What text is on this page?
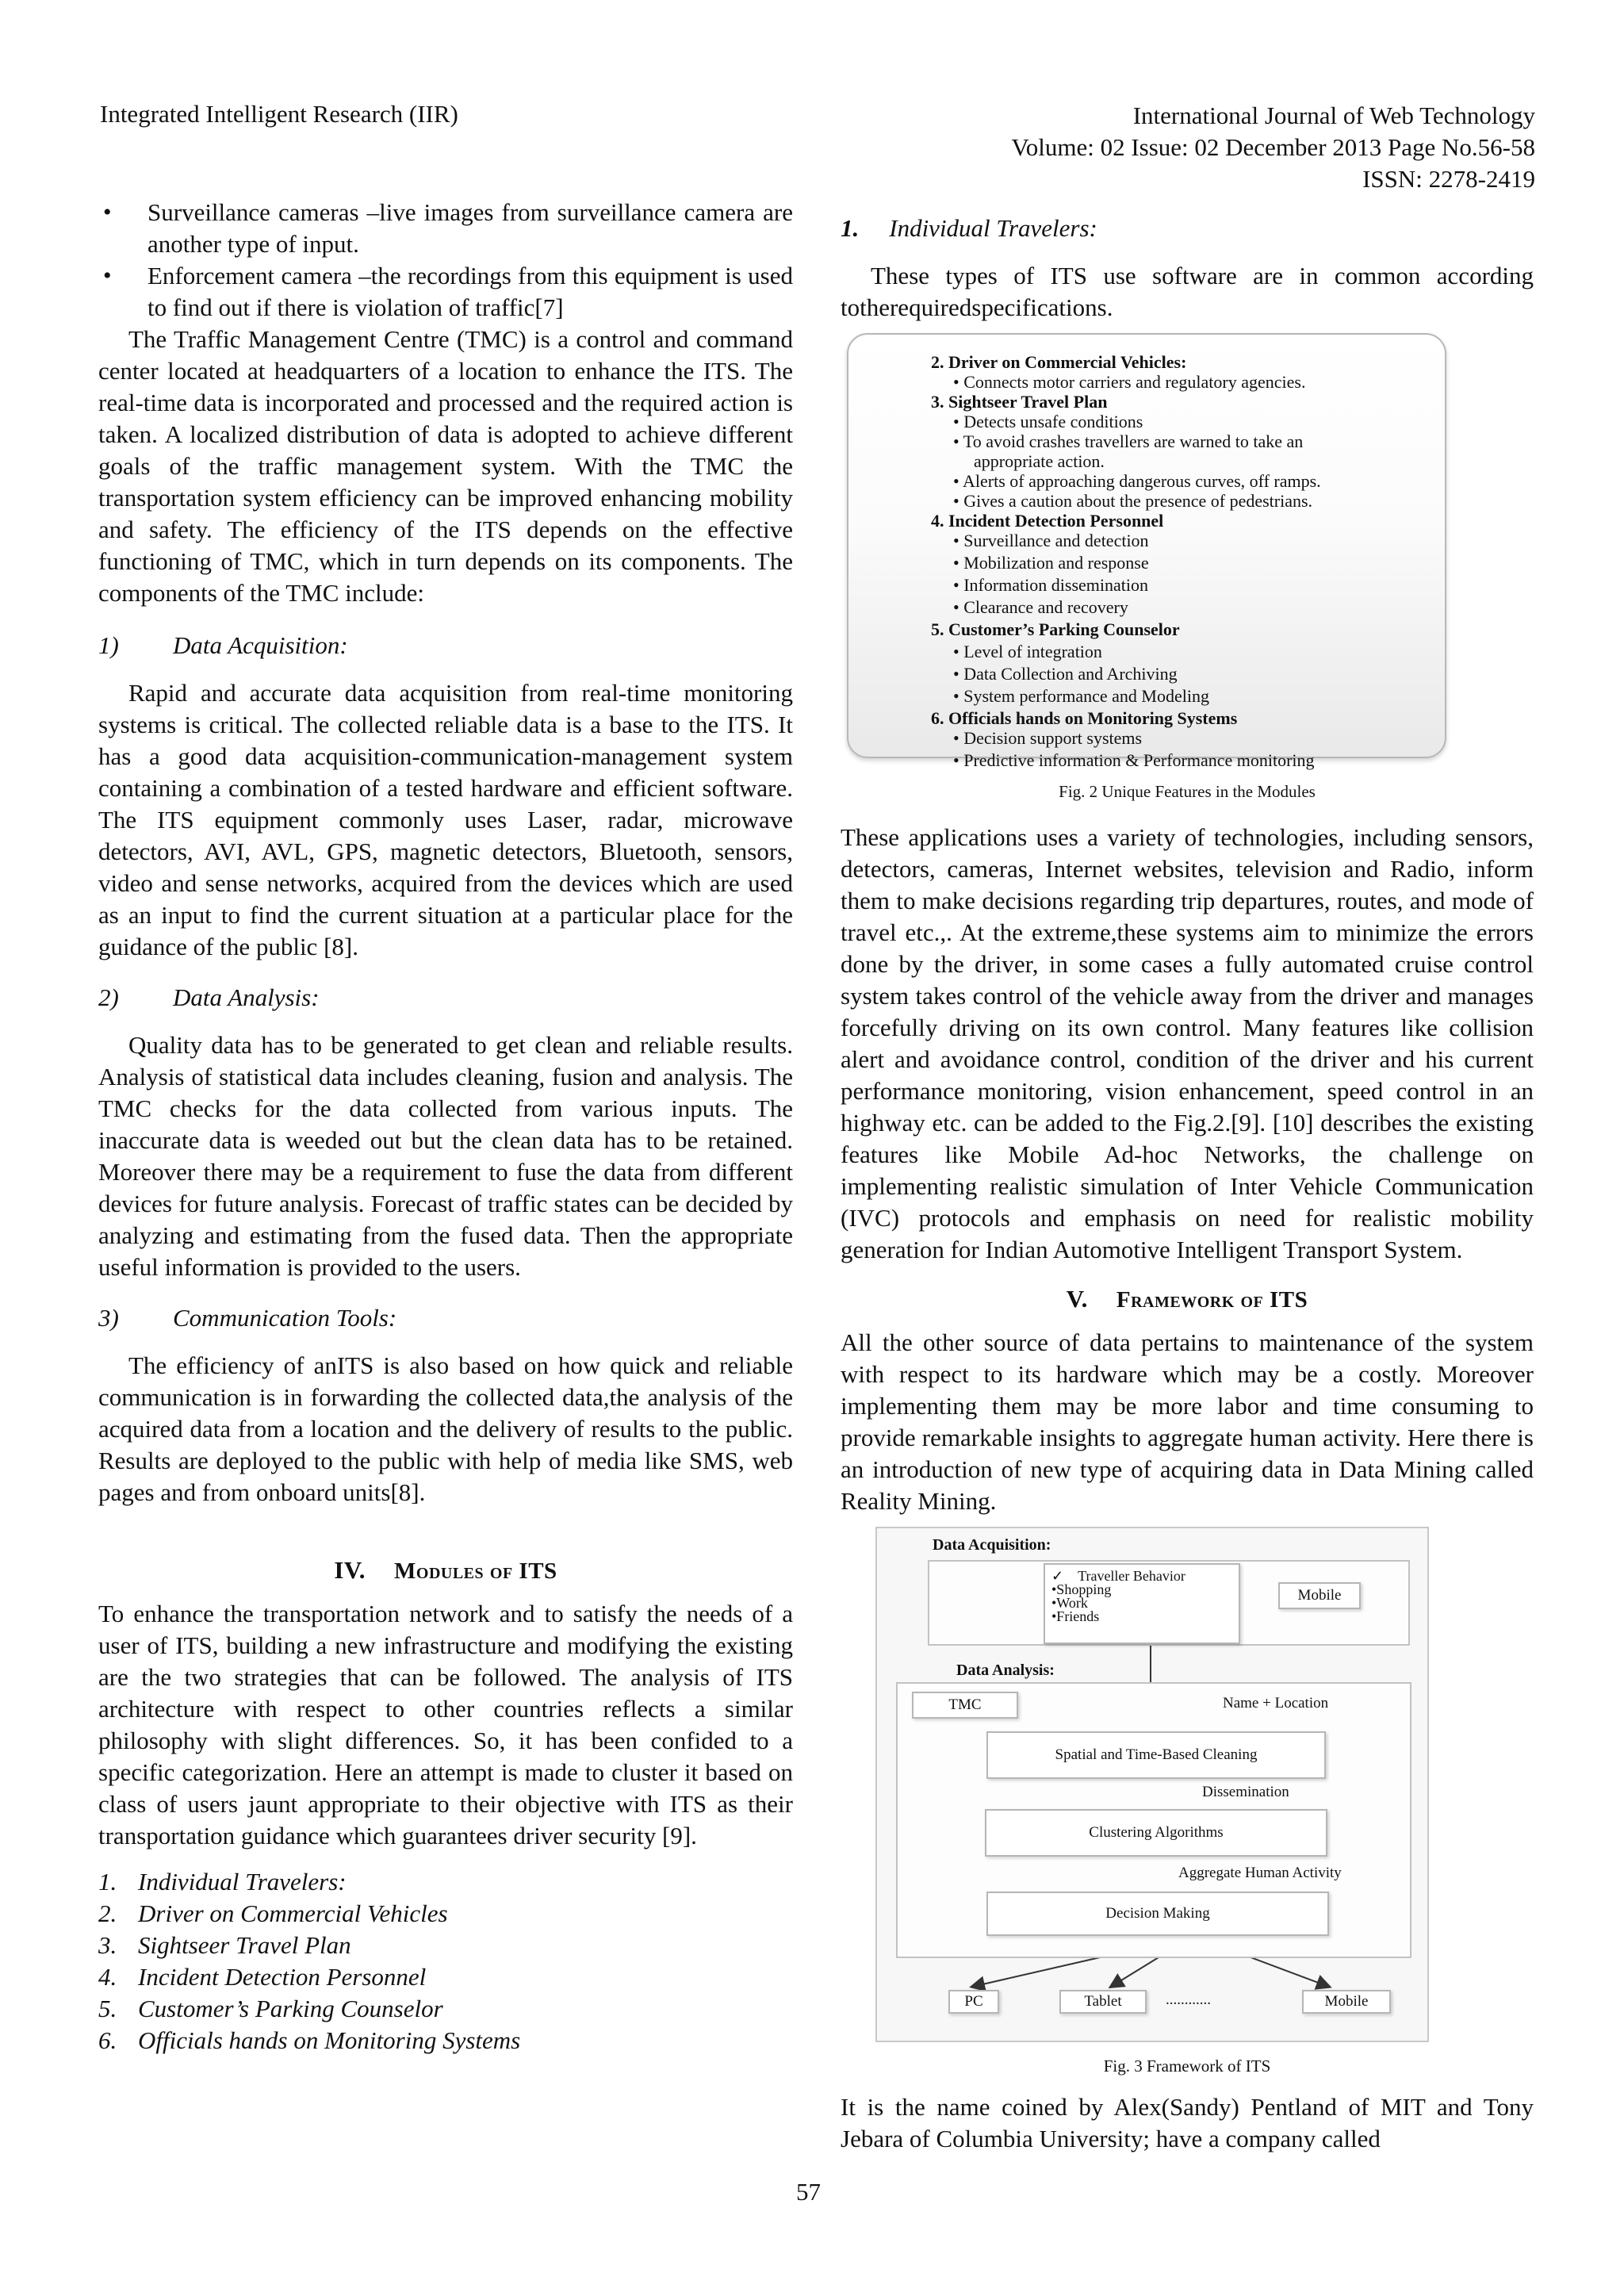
Integrated Intelligent Research (IIR)	International Journal of Web Technology
Volume: 02 Issue: 02 December 2013 Page No.56-58
ISSN: 2278-2419
• Surveillance cameras –live images from surveillance camera are another type of input.
• Enforcement camera –the recordings from this equipment is used to find out if there is violation of traffic[7]

The Traffic Management Centre (TMC) is a control and command center located at headquarters of a location to enhance the ITS. The real-time data is incorporated and processed and the required action is taken. A localized distribution of data is adopted to achieve different goals of the traffic management system. With the TMC the transportation system efficiency can be improved enhancing mobility and safety. The efficiency of the ITS depends on the effective functioning of TMC, which in turn depends on its components. The components of the TMC include:

1) Data Acquisition:

Rapid and accurate data acquisition from real-time monitoring systems is critical. The collected reliable data is a base to the ITS. It has a good data acquisition-communication-management system containing a combination of a tested hardware and efficient software. The ITS equipment commonly uses Laser, radar, microwave detectors, AVI, AVL, GPS, magnetic detectors, Bluetooth, sensors, video and sense networks, acquired from the devices which are used as an input to find the current situation at a particular place for the guidance of the public [8].

2) Data Analysis:

Quality data has to be generated to get clean and reliable results. Analysis of statistical data includes cleaning, fusion and analysis. The TMC checks for the data collected from various inputs. The inaccurate data is weeded out but the clean data has to be retained. Moreover there may be a requirement to fuse the data from different devices for future analysis. Forecast of traffic states can be decided by analyzing and estimating from the fused data. Then the appropriate useful information is provided to the users.

3) Communication Tools:

The efficiency of anITS is also based on how quick and reliable communication is in forwarding the collected data,the analysis of the acquired data from a location and the delivery of results to the public. Results are deployed to the public with help of media like SMS, web pages and from onboard units[8].

IV. Modules of ITS

To enhance the transportation network and to satisfy the needs of a user of ITS, building a new infrastructure and modifying the existing are the two strategies that can be followed. The analysis of ITS architecture with respect to other countries reflects a similar philosophy with slight differences. So, it has been confided to a specific categorization. Here an attempt is made to cluster it based on class of users jaunt appropriate to their objective with ITS as their transportation guidance which guarantees driver security [9].

1. Individual Travelers:
2. Driver on Commercial Vehicles
3. Sightseer Travel Plan
4. Incident Detection Personnel
5. Customer’s Parking Counselor
6. Officials hands on Monitoring Systems
1. Individual Travelers:

These types of ITS use software are in common according totherequiredspecifications.

2. Driver on Commercial Vehicles:
• Connects motor carriers and regulatory agencies.
3. Sightseer Travel Plan
• Detects unsafe conditions
• To avoid crashes travellers are warned to take an
appropriate action.
• Alerts of approaching dangerous curves, off ramps.
• Gives a caution about the presence of pedestrians.
4. Incident Detection Personnel
• Surveillance and detection
• Mobilization and response
• Information dissemination
• Clearance and recovery
5. Customer’s Parking Counselor
• Level of integration
• Data Collection and Archiving
• System performance and Modeling
6. Officials hands on Monitoring Systems
• Decision support systems
• Predictive information & Performance monitoring
Fig. 2 Unique Features in the Modules

These applications uses a variety of technologies, including sensors, detectors, cameras, Internet websites, television and Radio, inform them to make decisions regarding trip departures, routes, and mode of travel etc.,. At the extreme,these systems aim to minimize the errors done by the driver, in some cases a fully automated cruise control system takes control of the vehicle away from the driver and manages forcefully driving on its own control. Many features like collision alert and avoidance control, condition of the driver and his current performance monitoring, vision enhancement, speed control in an highway etc. can be added to the Fig.2.[9]. [10] describes the existing features like Mobile Ad-hoc Networks, the challenge on implementing realistic simulation of Inter Vehicle Communication (IVC) protocols and emphasis on need for realistic mobility generation for Indian Automotive Intelligent Transport System.

V. Framework of ITS

All the other source of data pertains to maintenance of the system with respect to its hardware which may be a costly. Moreover implementing them may be more labor and time consuming to provide remarkable insights to aggregate human activity. Here there is an introduction of new type of acquiring data in Data Mining called Reality Mining.

Data Acquisition:
✓ Traveller Behavior
•Shopping
•Work
•Friends
Mobile
Data Analysis:
TMC	Name + Location
Spatial and Time-Based Cleaning
Dissemination
Clustering Algorithms
Aggregate Human Activity
Decision Making
PC	Tablet	............	Mobile
Fig. 3 Framework of ITS

It is the name coined by Alex(Sandy) Pentland of MIT and Tony Jebara of Columbia University; have a company called

57
